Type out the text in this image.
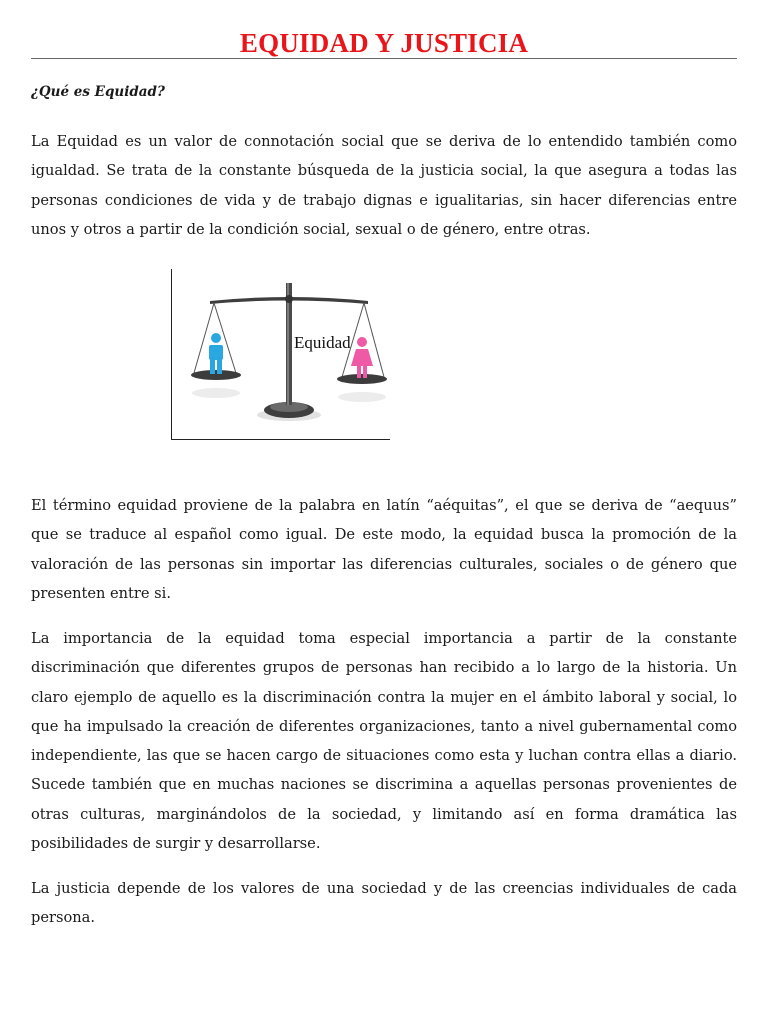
EQUIDAD Y JUSTICIA

¿Qué es Equidad?

La Equidad es un valor de connotación social que se deriva de lo entendido también como igualdad. Se trata de la constante búsqueda de la justicia social, la que asegura a todas las personas condiciones de vida y de trabajo dignas e igualitarias, sin hacer diferencias entre unos y otros a partir de la condición social, sexual o de género, entre otras.

Equidad

El término equidad proviene de la palabra en latín “aéquitas”, el que se deriva de “aequus” que se traduce al español como igual. De este modo, la equidad busca la promoción de la valoración de las personas sin importar las diferencias culturales, sociales o de género que presenten entre si.

La importancia de la equidad toma especial importancia a partir de la constante discriminación que diferentes grupos de personas han recibido a lo largo de la historia. Un claro ejemplo de aquello es la discriminación contra la mujer en el ámbito laboral y social, lo que ha impulsado la creación de diferentes organizaciones, tanto a nivel gubernamental como independiente, las que se hacen cargo de situaciones como esta y luchan contra ellas a diario. Sucede también que en muchas naciones se discrimina a aquellas personas provenientes de otras culturas, marginándolos de la sociedad, y limitando así en forma dramática las posibilidades de surgir y desarrollarse.

La justicia depende de los valores de una sociedad y de las creencias individuales de cada persona.
